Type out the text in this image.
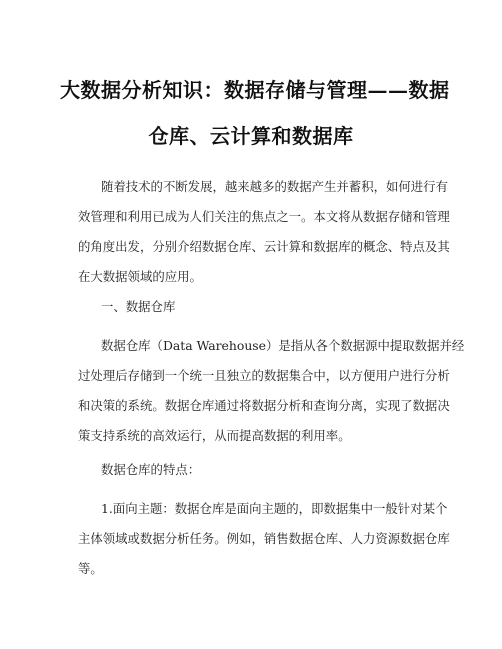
大数据分析知识：数据存储与管理——数据
仓库、云计算和数据库
随着技术的不断发展，越来越多的数据产生并蓄积，如何进行有
效管理和利用已成为人们关注的焦点之一。本文将从数据存储和管理
的角度出发，分别介绍数据仓库、云计算和数据库的概念、特点及其
在大数据领域的应用。
一、数据仓库
数据仓库（Data Warehouse）是指从各个数据源中提取数据并经
过处理后存储到一个统一且独立的数据集合中，以方便用户进行分析
和决策的系统。数据仓库通过将数据分析和查询分离，实现了数据决
策支持系统的高效运行，从而提高数据的利用率。
数据仓库的特点：
1.面向主题：数据仓库是面向主题的，即数据集中一般针对某个
主体领域或数据分析任务。例如，销售数据仓库、人力资源数据仓库
等。
